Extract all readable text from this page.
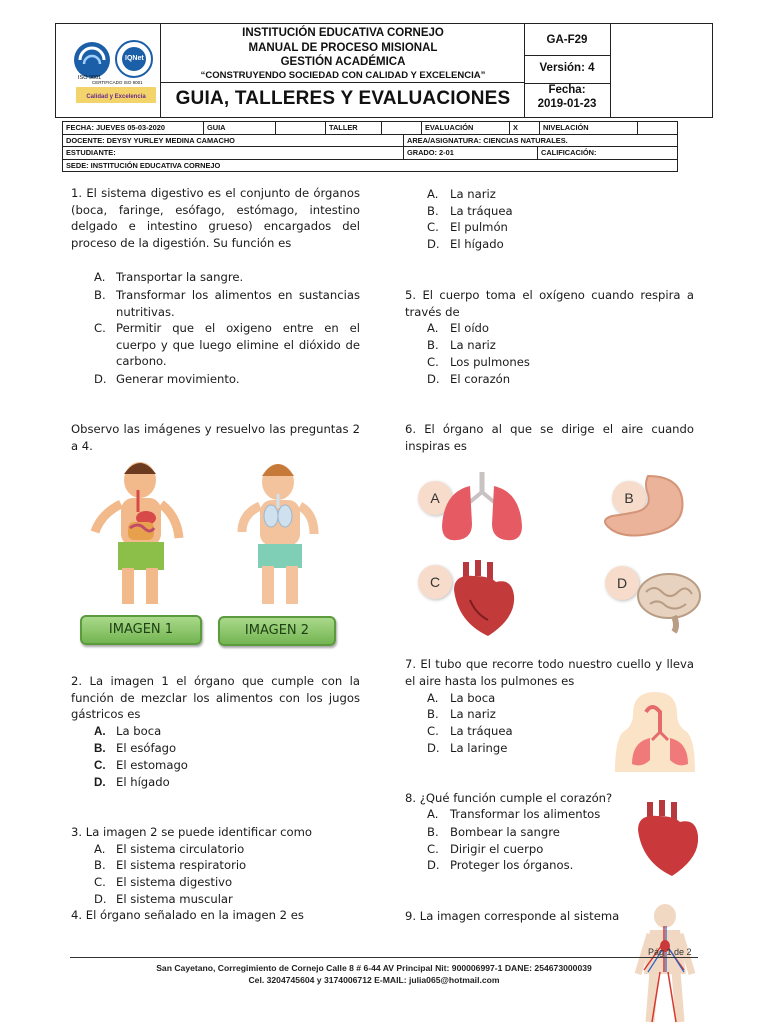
Calidad y Excelencia
ISO 9001
IQNet
CERTIFICADO ISO 9001
INSTITUCIÓN EDUCATIVA CORNEJO
MANUAL DE PROCESO MISIONAL
GESTIÓN ACADÉMICA
“CONSTRUYENDO SOCIEDAD CON CALIDAD Y EXCELENCIA”
GUIA, TALLERES Y EVALUACIONES
GA-F29
Versión: 4
Fecha:
2019-01-23
FECHA: JUEVES 05-03-2020	GUIA	TALLER	EVALUACIÓN	X	NIVELACIÓN
DOCENTE: DEYSY YURLEY MEDINA CAMACHO	AREA/ASIGNATURA: CIENCIAS NATURALES.
ESTUDIANTE:	GRADO: 2-01	CALIFICACIÓN:
SEDE: INSTITUCIÓN EDUCATIVA CORNEJO
1. El sistema digestivo es el conjunto de órganos (boca, faringe, esófago, estómago, intestino delgado e intestino grueso) encargados del proceso de la digestión. Su función es
A. Transportar la sangre.
B. Transformar los alimentos en sustancias nutritivas.
C. Permitir que el oxigeno entre en el cuerpo y que luego elimine el dióxido de carbono.
D. Generar movimiento.
Observo las imágenes y resuelvo las preguntas 2 a 4.
IMAGEN 1	IMAGEN 2
2. La imagen 1 el órgano que cumple con la función de mezclar los alimentos con los jugos gástricos es
A. La boca
B. El esófago
C. El estomago
D. El hígado
3. La imagen 2 se puede identificar como
A. El sistema circulatorio
B. El sistema respiratorio
C. El sistema digestivo
D. El sistema muscular
4. El órgano señalado en la imagen 2 es
A. La nariz
B. La tráquea
C. El pulmón
D. El hígado
5. El cuerpo toma el oxígeno cuando respira a través de
A. El oído
B. La nariz
C. Los pulmones
D. El corazón
6. El órgano al que se dirige el aire cuando inspiras es
A	B
C	D
7. El tubo que recorre todo nuestro cuello y lleva el aire hasta los pulmones es
A. La boca
B. La nariz
C. La tráquea
D. La laringe
8. ¿Qué función cumple el corazón?
A. Transformar los alimentos
B. Bombear la sangre
C. Dirigir el cuerpo
D. Proteger los órganos.
9. La imagen corresponde al sistema
Pág 1 de 2
San Cayetano, Corregimiento de Cornejo Calle 8 # 6-44 AV Principal Nit: 900006997-1 DANE: 254673000039
Cel. 3204745604 y 3174006712 E-MAIL: julia065@hotmail.com
